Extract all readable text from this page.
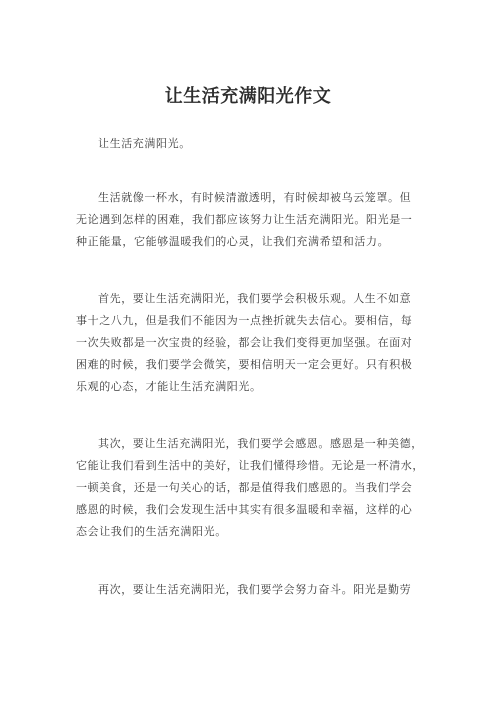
让生活充满阳光作文
让生活充满阳光。
生活就像一杯水，有时候清澈透明，有时候却被乌云笼罩。但
无论遇到怎样的困难，我们都应该努力让生活充满阳光。阳光是一
种正能量，它能够温暖我们的心灵，让我们充满希望和活力。
首先，要让生活充满阳光，我们要学会积极乐观。人生不如意
事十之八九，但是我们不能因为一点挫折就失去信心。要相信，每
一次失败都是一次宝贵的经验，都会让我们变得更加坚强。在面对
困难的时候，我们要学会微笑，要相信明天一定会更好。只有积极
乐观的心态，才能让生活充满阳光。
其次，要让生活充满阳光，我们要学会感恩。感恩是一种美德，
它能让我们看到生活中的美好，让我们懂得珍惜。无论是一杯清水，
一顿美食，还是一句关心的话，都是值得我们感恩的。当我们学会
感恩的时候，我们会发现生活中其实有很多温暖和幸福，这样的心
态会让我们的生活充满阳光。
再次，要让生活充满阳光，我们要学会努力奋斗。阳光是勤劳
